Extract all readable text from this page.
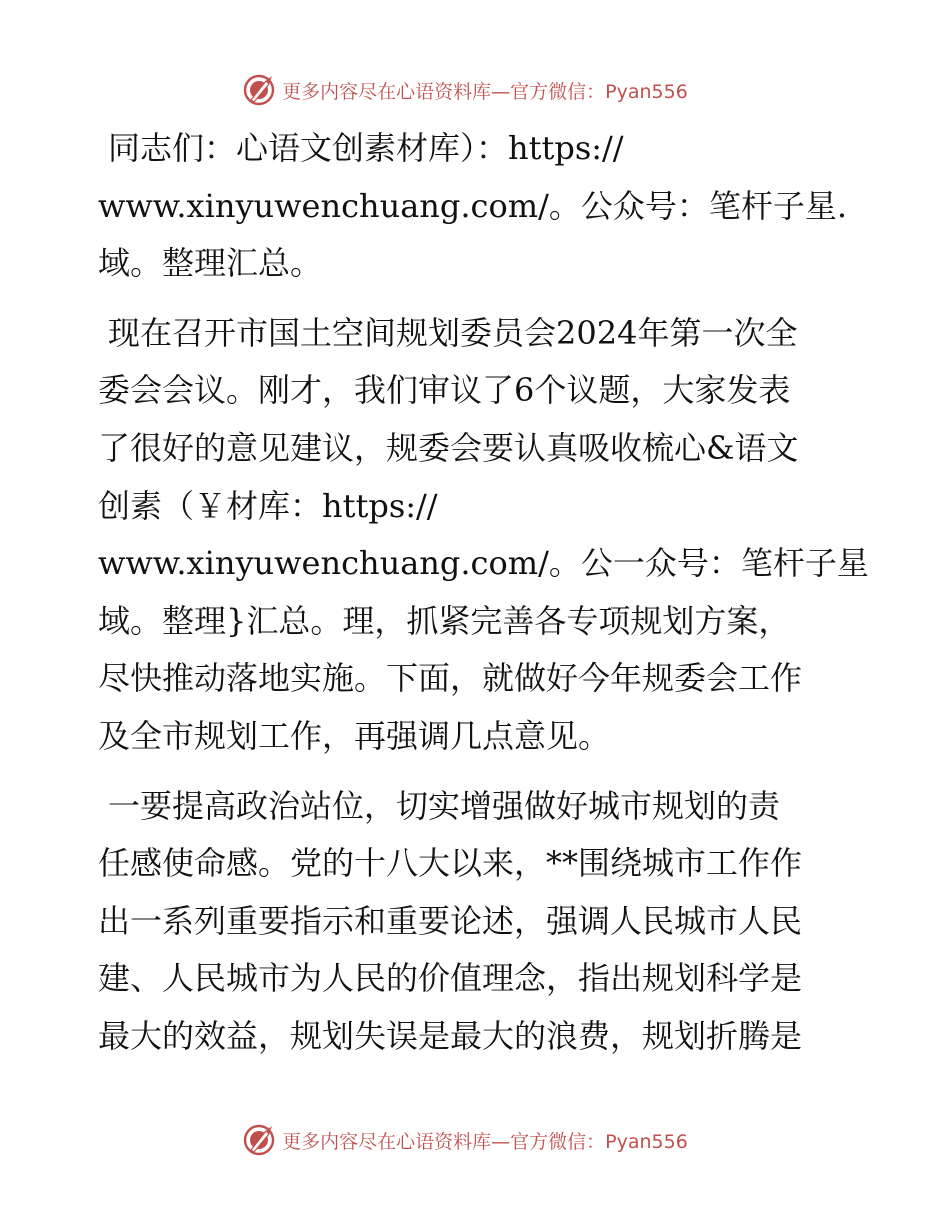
更多内容尽在心语资料库—官方微信：Pyan556
同志们：心语文创素材库）：https://
www.xinyuwenchuang.com/。公众号：笔杆子星.
域。整理汇总。
现在召开市国土空间规划委员会2024年第一次全
委会会议。刚才，我们审议了6个议题，大家发表
了很好的意见建议，规委会要认真吸收梳心&语文
创素（￥材库：https://
www.xinyuwenchuang.com/。公一众号：笔杆子星
域。整理}汇总。理，抓紧完善各专项规划方案，
尽快推动落地实施。下面，就做好今年规委会工作
及全市规划工作，再强调几点意见。
一要提高政治站位，切实增强做好城市规划的责
任感使命感。党的十八大以来，**围绕城市工作作
出一系列重要指示和重要论述，强调人民城市人民
建、人民城市为人民的价值理念，指出规划科学是
最大的效益，规划失误是最大的浪费，规划折腾是
更多内容尽在心语资料库—官方微信：Pyan556
